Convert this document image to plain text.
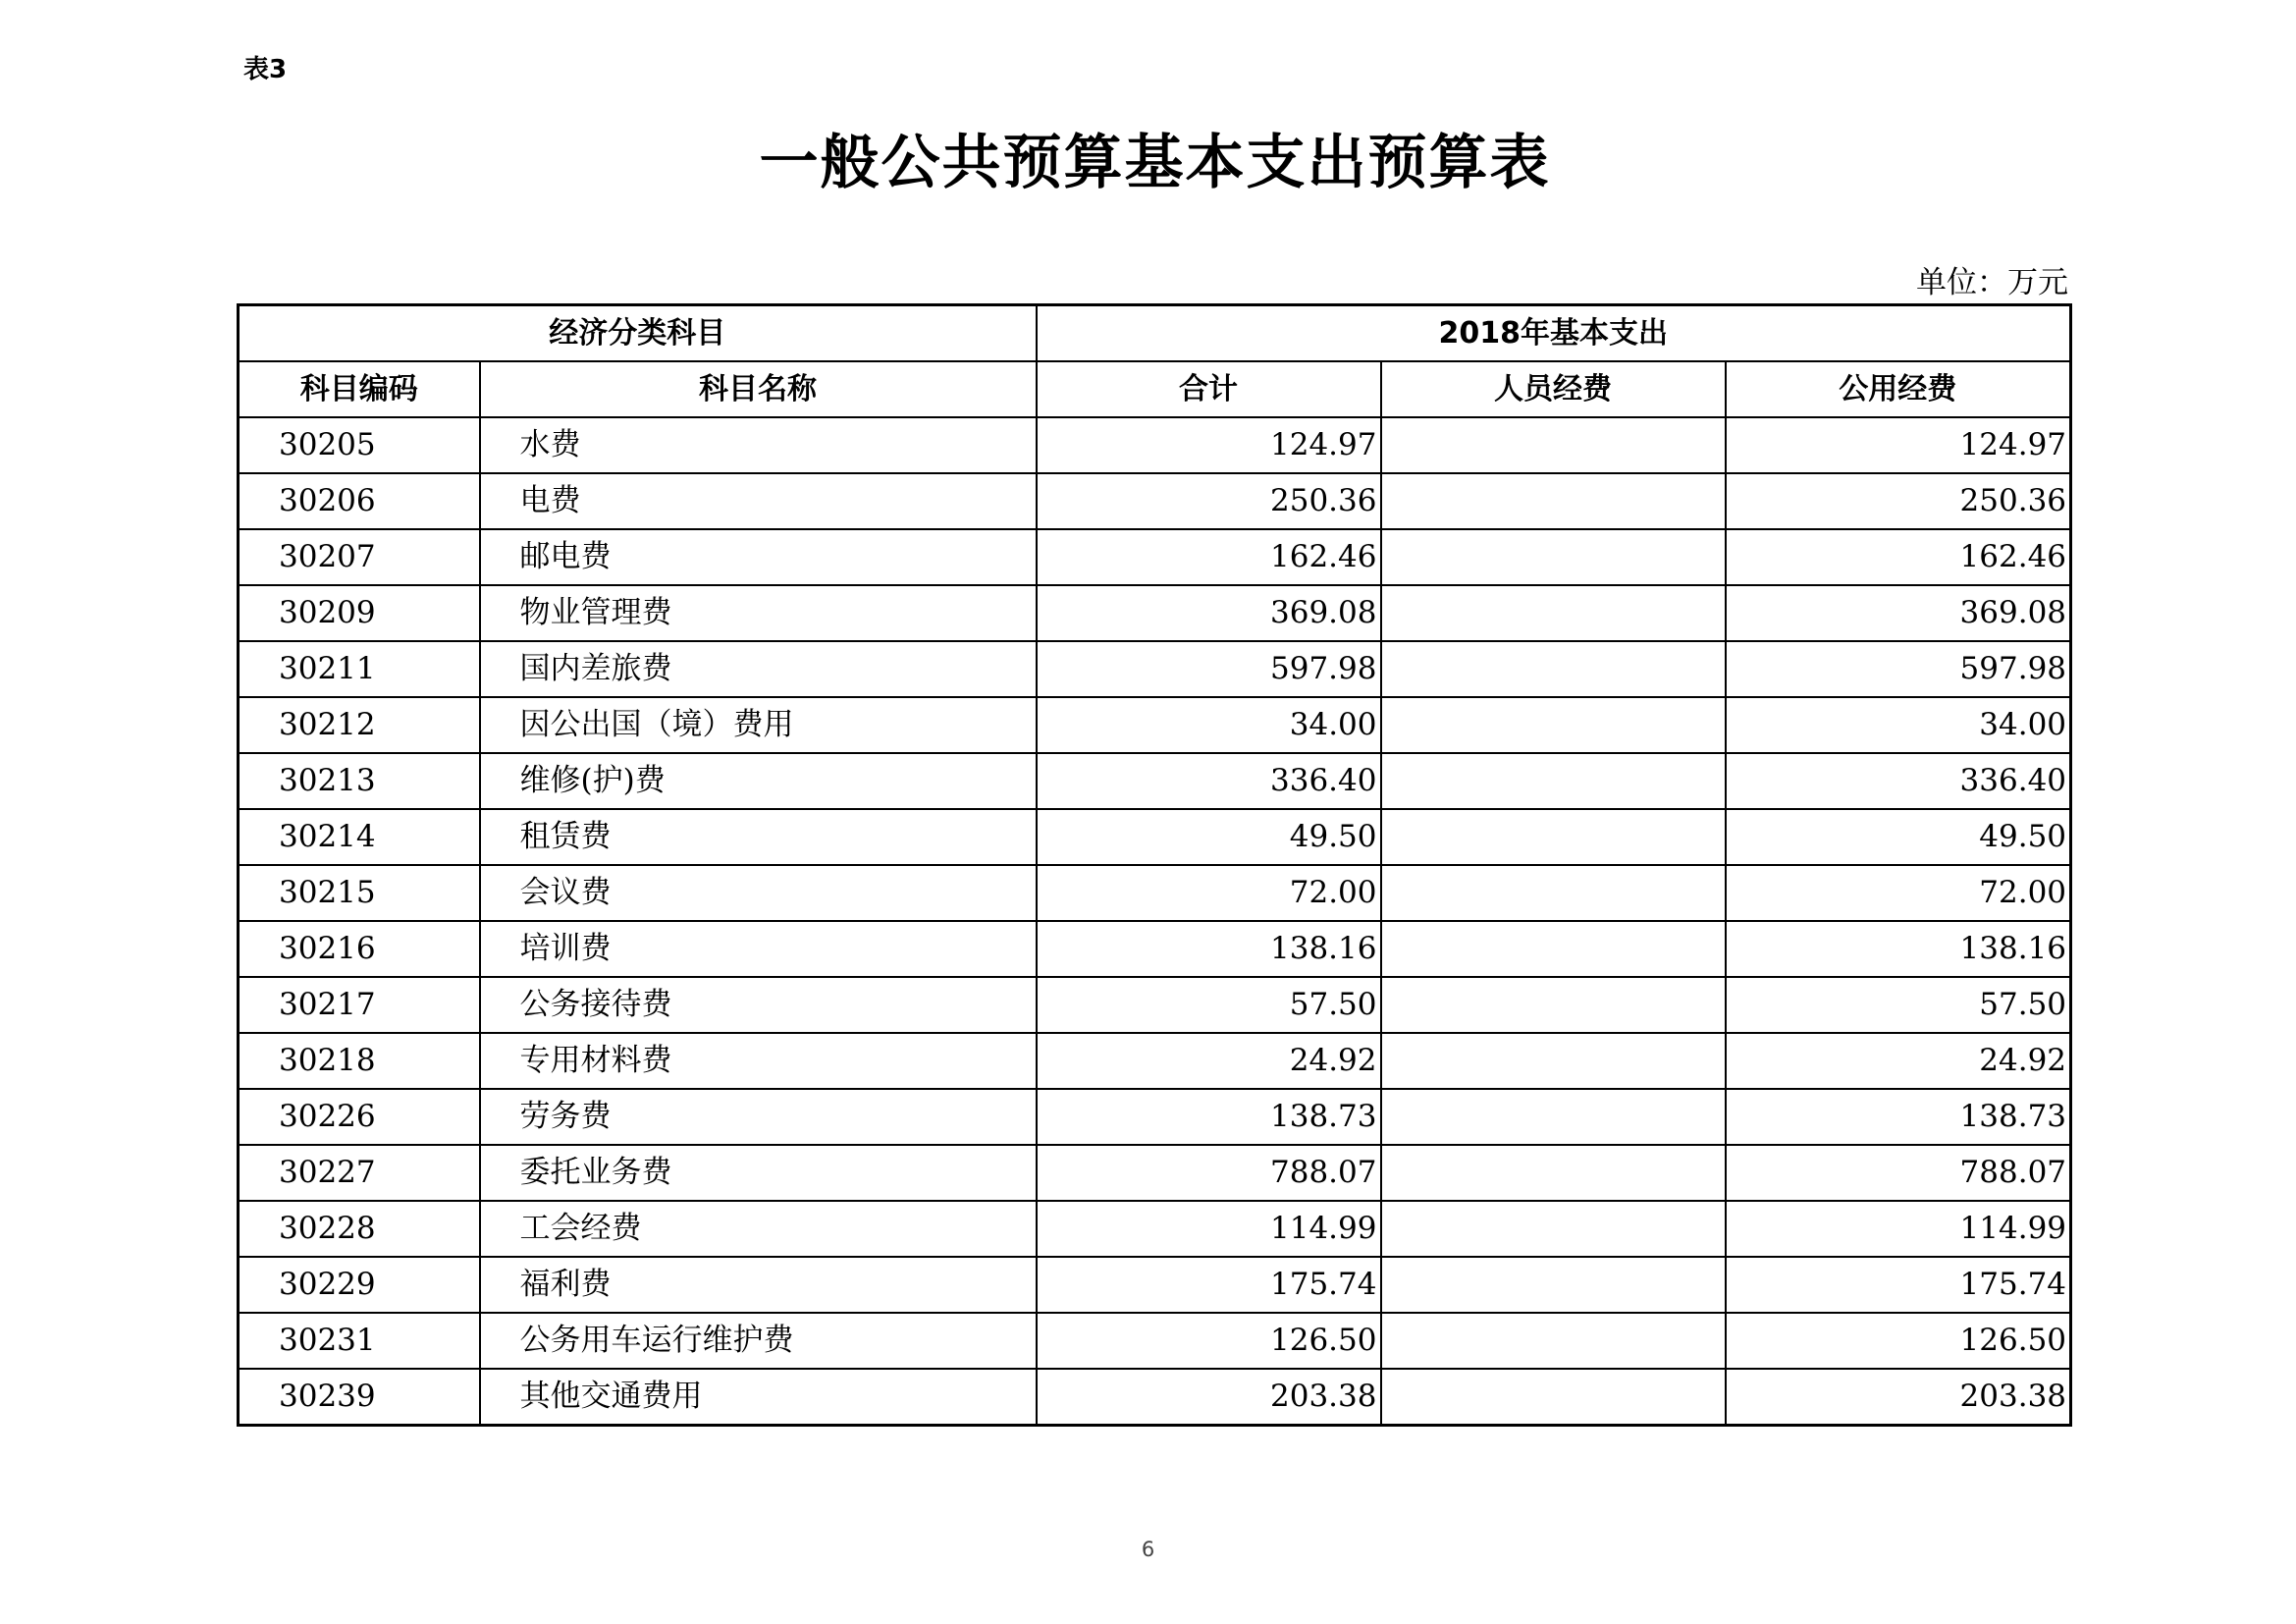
表3
一般公共预算基本支出预算表
单位：万元
经济分类科目		2018年基本支出		
科目编码	科目名称	合计	人员经费	公用经费
30205	水费	124.97		124.97
30206	电费	250.36		250.36
30207	邮电费	162.46		162.46
30209	物业管理费	369.08		369.08
30211	国内差旅费	597.98		597.98
30212	因公出国（境）费用	34.00		34.00
30213	维修(护)费	336.40		336.40
30214	租赁费	49.50		49.50
30215	会议费	72.00		72.00
30216	培训费	138.16		138.16
30217	公务接待费	57.50		57.50
30218	专用材料费	24.92		24.92
30226	劳务费	138.73		138.73
30227	委托业务费	788.07		788.07
30228	工会经费	114.99		114.99
30229	福利费	175.74		175.74
30231	公务用车运行维护费	126.50		126.50
30239	其他交通费用	203.38		203.38
6
